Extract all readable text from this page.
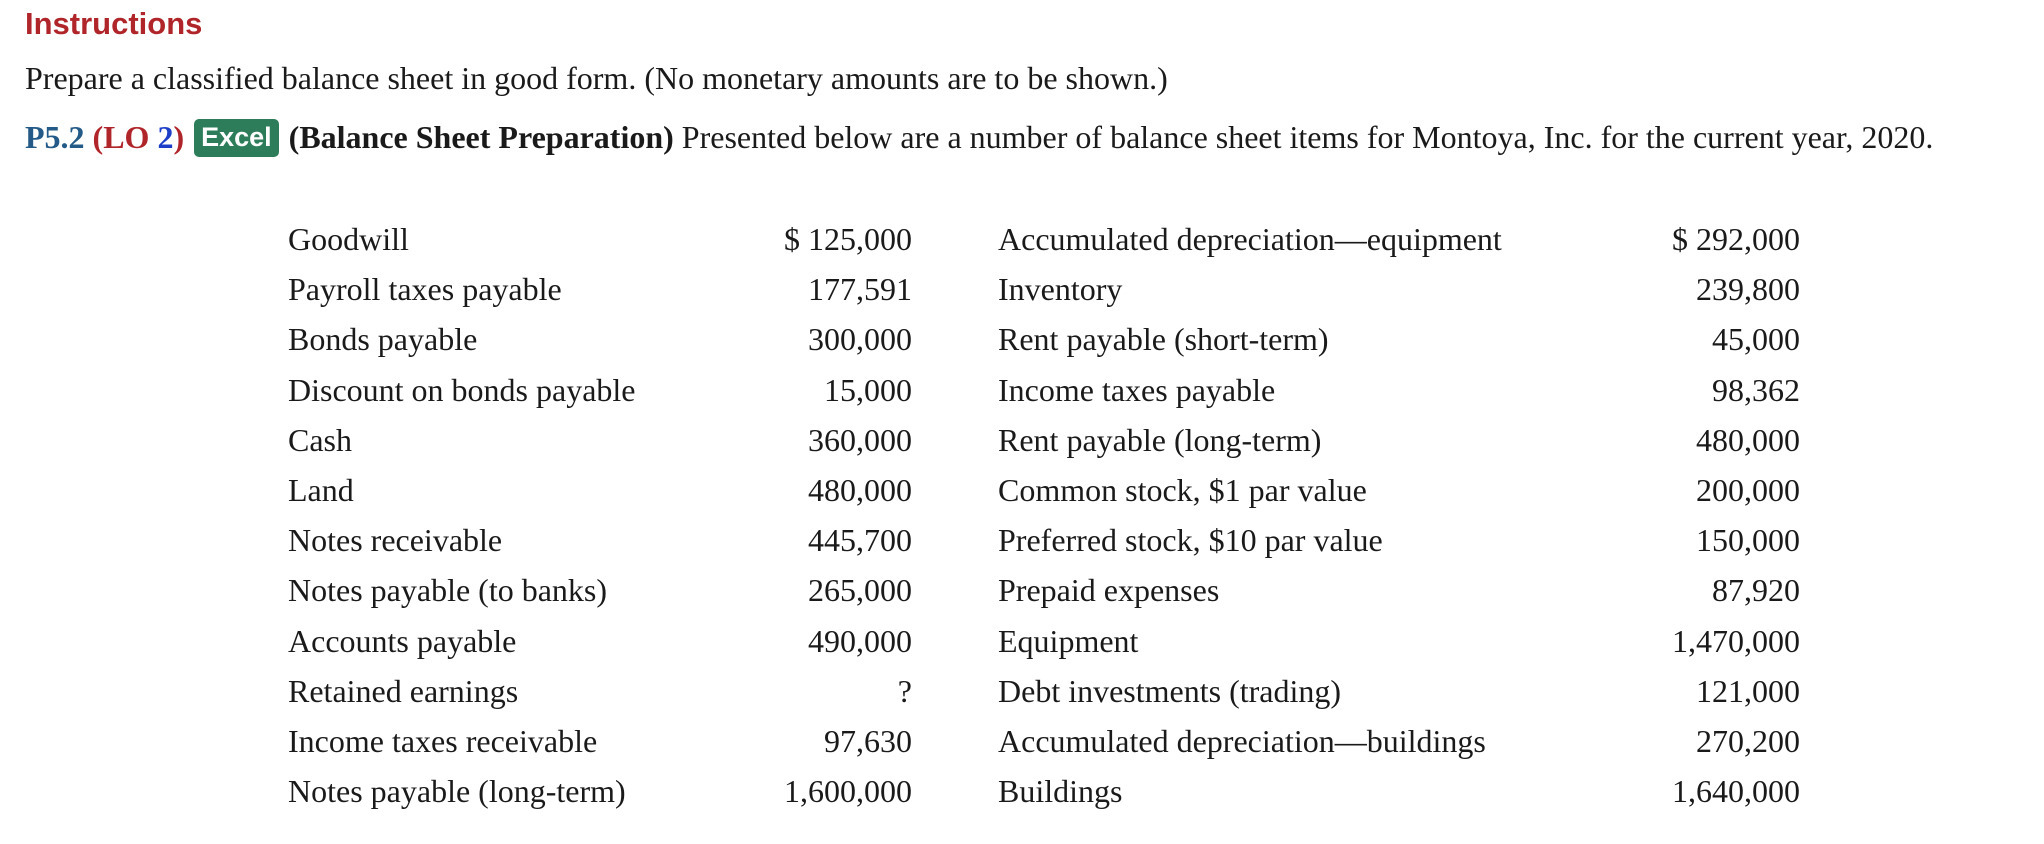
Instructions
Prepare a classified balance sheet in good form. (No monetary amounts are to be shown.)
P5.2 (LO 2) Excel (Balance Sheet Preparation) Presented below are a number of balance sheet items for Montoya, Inc. for the current year, 2020.
Goodwill	$ 125,000	Accumulated depreciation—equipment	$ 292,000
Payroll taxes payable	177,591	Inventory	239,800
Bonds payable	300,000	Rent payable (short-term)	45,000
Discount on bonds payable	15,000	Income taxes payable	98,362
Cash	360,000	Rent payable (long-term)	480,000
Land	480,000	Common stock, $1 par value	200,000
Notes receivable	445,700	Preferred stock, $10 par value	150,000
Notes payable (to banks)	265,000	Prepaid expenses	87,920
Accounts payable	490,000	Equipment	1,470,000
Retained earnings	?	Debt investments (trading)	121,000
Income taxes receivable	97,630	Accumulated depreciation—buildings	270,200
Notes payable (long-term)	1,600,000	Buildings	1,640,000
